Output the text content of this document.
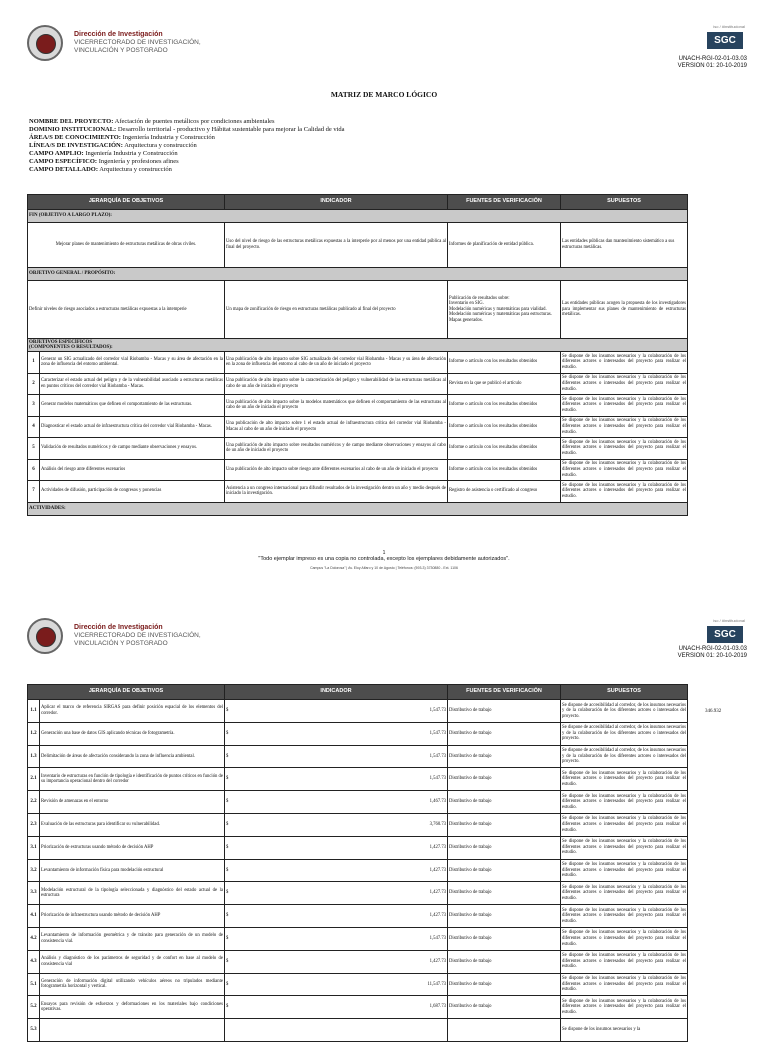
Dirección de Investigación
VICERRECTORADO DE INVESTIGACIÓN,
VINCULACIÓN Y POSTGRADO
iso / #institucional
SGC
UNACH-RGI-02-01-03.03
VERSION 01: 20-10-2019
MATRIZ DE MARCO LÓGICO
NOMBRE DEL PROYECTO: Afectación de puentes metálicos por condiciones ambientales
DOMINIO INSTITUCIONAL: Desarrollo territorial - productivo y Hábitat sustentable para mejorar la Calidad de vida
ÁREA/S DE CONOCIMIENTO: Ingeniería Industria y Construcción
LÍNEA/S DE INVESTIGACIÓN: Arquitectura y construcción
CAMPO AMPLIO: Ingeniería Industria y Construcción
CAMPO ESPECÍFICO: Ingeniería y profesiones afines
CAMPO DETALLADO: Arquitectura y construcción
JERARQUÍA DE OBJETIVOS		INDICADOR	FUENTES DE VERIFICACIÓN	SUPUESTOS
FIN (OBJETIVO A LARGO PLAZO):				
Mejorar planes de mantenimiento de estructuras metálicas de obras civiles.		Uso del nivel de riesgo de las estructuras metálicas expuestas a la interperie por al menos por una entidad pública al final del proyecto.	Informes de planificación de entidad pública.	Las entidades públicas dan mantenimiento sistemático a sus estructuras metálicas.
OBJETIVO GENERAL / PROPÓSITO:				
Definir niveles de riesgo asociados a estructuras metálicas expuestas a la intemperie		Un mapa de zonificación de riesgo en estructuras metálicas publicado al final del proyecto	Publicación de resultados sobre:
Inventario en SIG.
Modelación numéricas y matemáticas para vialidad.
Modelación numéricas y matemáticas para estructuras.
Mapas generados.	Las entidades públicas acogen la propuesta de los investigadores para implementar sus planes de mantenimiento de estructuras metálicas.
OBJETIVOS ESPECÍFICOS
(COMPONENTES O RESULTADOS):				
1	Generar un SIG actualizado del corredor vial Riobamba - Macas y su área de afectación en la zona de influencia del entorno ambiental.	Una publicación de alto impacto sobre SIG actualizado del corredor vial Riobamba - Macas y su área de afectación en la zona de influencia del entorno al cabo de un año de iniciado el proyecto	Informe o artículo con los resultados obtenidos	Se dispone de los insumos necesarios y la colaboración de los diferentes actores o interesados del proyecto para realizar el estudio.
2	Caracterizar el estado actual del peligro y de la vulnerabilidad asociado a estructuras metálicas en puntos críticos del corredor vial Riobamba - Macas.	Una publicación de alto impacto sobre la caracterización del peligro y vulnerabilidad de las estructuras metálicas al cabo de un año de iniciado el proyecto	Revista en la que se publicó el artículo	Se dispone de los insumos necesarios y la colaboración de los diferentes actores o interesados del proyecto para realizar el estudio.
3	Generar modelos matemáticos que definen el comportamiento de las estructuras.	Una publicación de alto impacto sobre la modelos matemáticos que definen el comportamiento de las estructuras al cabo de un año de iniciado el proyecto	Informe o artículo con los resultados obtenidos	Se dispone de los insumos necesarios y la colaboración de los diferentes actores o interesados del proyecto para realizar el estudio.
4	Diagnosticar el estado actual de infraestructura crítica del corredor vial Riobamba - Macas.	Una publicación de alto impacto sobre 1 el estado actual de infraestructura crítica del corredor vial Riobamba - Macas al cabo de un año de iniciado el proyecto	Informe o artículo con los resultados obtenidos	Se dispone de los insumos necesarios y la colaboración de los diferentes actores o interesados del proyecto para realizar el estudio.
5	Validación de resultados numéricos y de campo mediante observaciones y ensayos.	Una publicación de alto impacto sobre resultados numéricos y de campo mediante observaciones y ensayos al cabo de un año de iniciado el proyecto	Informe o artículo con los resultados obtenidos	Se dispone de los insumos necesarios y la colaboración de los diferentes actores o interesados del proyecto para realizar el estudio.
6	Análisis del riesgo ante diferentes escenarios	Una publicación de alto impacto sobre riesgo ante diferentes escenarios al cabo de un año de iniciado el proyecto	Informe o artículo con los resultados obtenidos	Se dispone de los insumos necesarios y la colaboración de los diferentes actores o interesados del proyecto para realizar el estudio.
7	Actividades de difusión, participación de congresos y ponencias	Asistencia a un congreso internacional para difundir resultados de la investigación dentro un año y medio después de iniciado la investigación.	Registro de asistencia o certificado al congreso	Se dispone de los insumos necesarios y la colaboración de los diferentes actores o interesados del proyecto para realizar el estudio.
ACTIVIDADES:				
1
"Todo ejemplar impreso es una copia no controlada, excepto los ejemplares debidamente autorizados".
Campus "La Dolorosa" | Av. Eloy Alfaro y 10 de Agosto | Teléfonos: (593-3) 3730880 - Ext. 1106
Dirección de Investigación
VICERRECTORADO DE INVESTIGACIÓN,
VINCULACIÓN Y POSTGRADO
iso / #institucional
SGC
UNACH-RGI-02-01-03.03
VERSION 01: 20-10-2019
JERARQUÍA DE OBJETIVOS		INDICADOR		FUENTES DE VERIFICACIÓN	SUPUESTOS
1.1	Aplicar el marco de referencia SIRGAS para definir posición espacial de los elementos del corredor.	$	1,547.73	Distributivo de trabajo	Se dispone de accesibilidad al corredor, de los insumos necesarios y de la colaboración de los diferentes actores o interesados del proyecto.
1.2	Generación una base de datos GIS aplicando técnicas de fotogrametría.	$	1,547.73	Distributivo de trabajo	Se dispone de accesibilidad al corredor, de los insumos necesarios y de la colaboración de los diferentes actores o interesados del proyecto.
1.3	Delimitación de áreas de afectación considerando la zona de influencia ambiental.	$	1,547.73	Distributivo de trabajo	Se dispone de accesibilidad al corredor, de los insumos necesarios y de la colaboración de los diferentes actores o interesados del proyecto.
2.1	Inventario de estructuras en función de tipología e identificación de puntos críticos en función de su importancia operacional dentro del corredor	$	1,547.73	Distributivo de trabajo	Se dispone de los insumos necesarios y la colaboración de los diferentes actores o interesados del proyecto para realizar el estudio.
2.2	Revisión de amenazas en el entorno	$	1,467.73	Distributivo de trabajo	Se dispone de los insumos necesarios y la colaboración de los diferentes actores o interesados del proyecto para realizar el estudio.
2.3	Evaluación de las estructuras para identificar su vulnerabilidad.	$	3,760.73	Distributivo de trabajo	Se dispone de los insumos necesarios y la colaboración de los diferentes actores o interesados del proyecto para realizar el estudio.
3.1	Priorización de estructuras usando método de decisión AHP	$	1,427.73	Distributivo de trabajo	Se dispone de los insumos necesarios y la colaboración de los diferentes actores o interesados del proyecto para realizar el estudio.
3.2	Levantamiento de información física para modelación estructural	$	1,427.73	Distributivo de trabajo	Se dispone de los insumos necesarios y la colaboración de los diferentes actores o interesados del proyecto para realizar el estudio.
3.3	Modelación estructural de la tipología seleccionada y diagnóstico del estado actual de la estructura	$	1,427.73	Distributivo de trabajo	Se dispone de los insumos necesarios y la colaboración de los diferentes actores o interesados del proyecto para realizar el estudio.
4.1	Priorización de infraestructura usando método de decisión AHP	$	1,427.73	Distributivo de trabajo	Se dispone de los insumos necesarios y la colaboración de los diferentes actores o interesados del proyecto para realizar el estudio.
4.2	Levantamiento de información geométrica y de tránsito para generación de un modelo de consistencia vial.	$	1,547.73	Distributivo de trabajo	Se dispone de los insumos necesarios y la colaboración de los diferentes actores o interesados del proyecto para realizar el estudio.
4.3	Análisis y diagnóstico de los parámetros de seguridad y de confort en base al modelo de consistencia vial	$	1,427.73	Distributivo de trabajo	Se dispone de los insumos necesarios y la colaboración de los diferentes actores o interesados del proyecto para realizar el estudio.
5.1	Generación de información digital utilizando vehículos aéreos no tripulados mediante fotogrametría horizontal y vertical.	$	11,547.73	Distributivo de trabajo	Se dispone de los insumos necesarios y la colaboración de los diferentes actores o interesados del proyecto para realizar el estudio.
5.2	Ensayos para revisión de esfuerzos y deformaciones en los materiales bajo condiciones operativas.	$	1,687.73	Distributivo de trabajo	Se dispone de los insumos necesarios y la colaboración de los diferentes actores o interesados del proyecto para realizar el estudio.
5.3					Se dispone de los insumos necesarios y la
346.932
